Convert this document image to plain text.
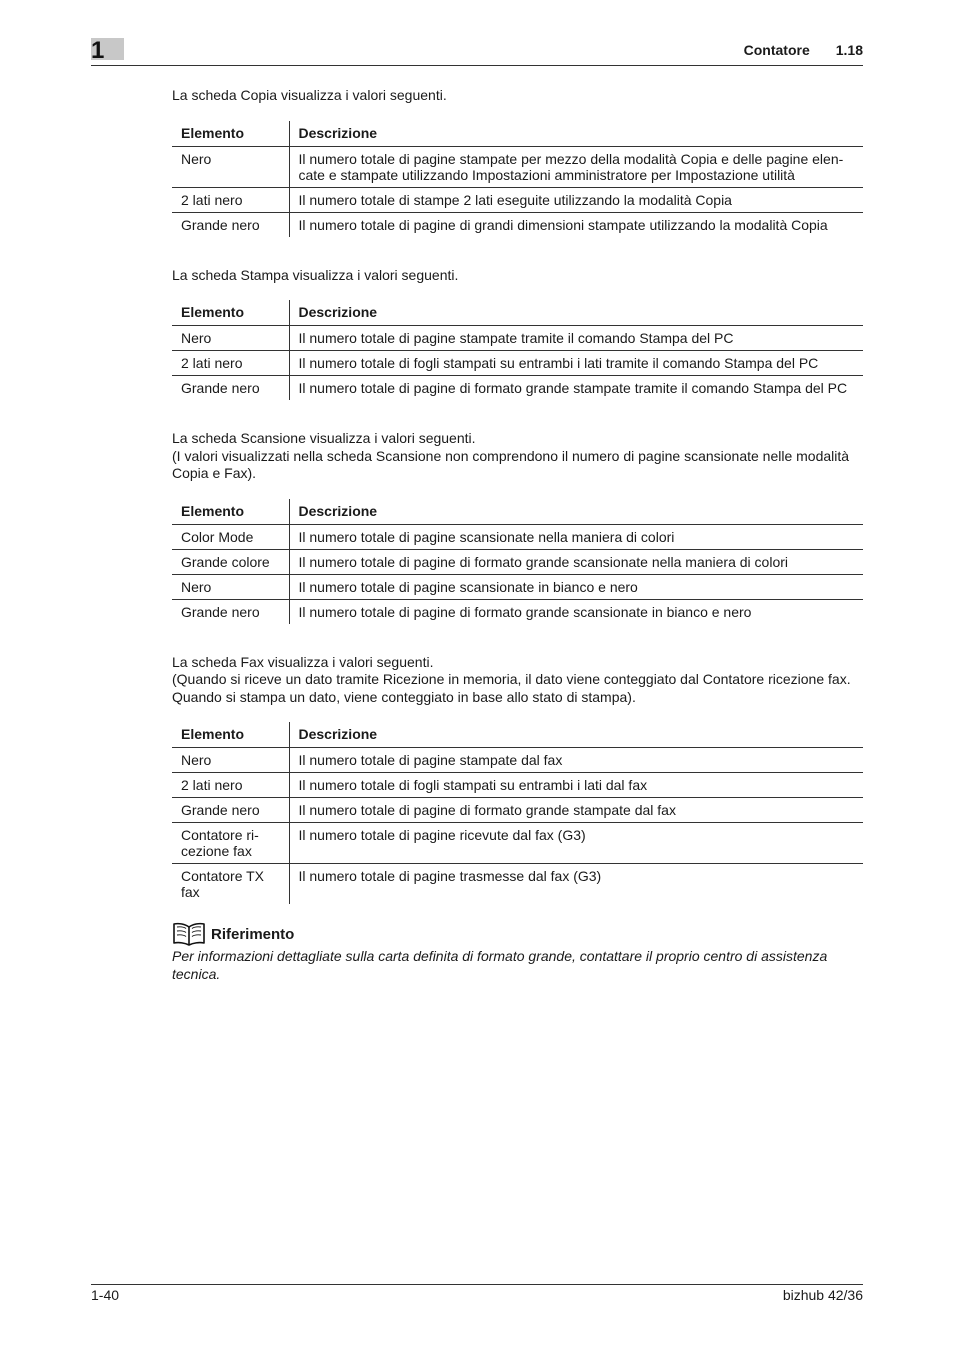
1	Contatore 1.18

La scheda Copia visualizza i valori seguenti.

Elemento	Descrizione
Nero	Il numero totale di pagine stampate per mezzo della modalità Copia e delle pagine elen-cate e stampate utilizzando Impostazioni amministratore per Impostazione utilità
2 lati nero	Il numero totale di stampe 2 lati eseguite utilizzando la modalità Copia
Grande nero	Il numero totale di pagine di grandi dimensioni stampate utilizzando la modalità Copia

La scheda Stampa visualizza i valori seguenti.

Elemento	Descrizione
Nero	Il numero totale di pagine stampate tramite il comando Stampa del PC
2 lati nero	Il numero totale di fogli stampati su entrambi i lati tramite il comando Stampa del PC
Grande nero	Il numero totale di pagine di formato grande stampate tramite il comando Stampa del PC

La scheda Scansione visualizza i valori seguenti.

(I valori visualizzati nella scheda Scansione non comprendono il numero di pagine scansionate nelle modalità Copia e Fax).

Elemento	Descrizione
Color Mode	Il numero totale di pagine scansionate nella maniera di colori
Grande colore	Il numero totale di pagine di formato grande scansionate nella maniera di colori
Nero	Il numero totale di pagine scansionate in bianco e nero
Grande nero	Il numero totale di pagine di formato grande scansionate in bianco e nero

La scheda Fax visualizza i valori seguenti.

(Quando si riceve un dato tramite Ricezione in memoria, il dato viene conteggiato dal Contatore ricezione fax. Quando si stampa un dato, viene conteggiato in base allo stato di stampa).

Elemento	Descrizione
Nero	Il numero totale di pagine stampate dal fax
2 lati nero	Il numero totale di fogli stampati su entrambi i lati dal fax
Grande nero	Il numero totale di pagine di formato grande stampate dal fax
Contatore ri-cezione fax	Il numero totale di pagine ricevute dal fax (G3)
Contatore TX fax	Il numero totale di pagine trasmesse dal fax (G3)
Riferimento
Per informazioni dettagliate sulla carta definita di formato grande, contattare il proprio centro di assistenza tecnica.
1-40	bizhub 42/36
